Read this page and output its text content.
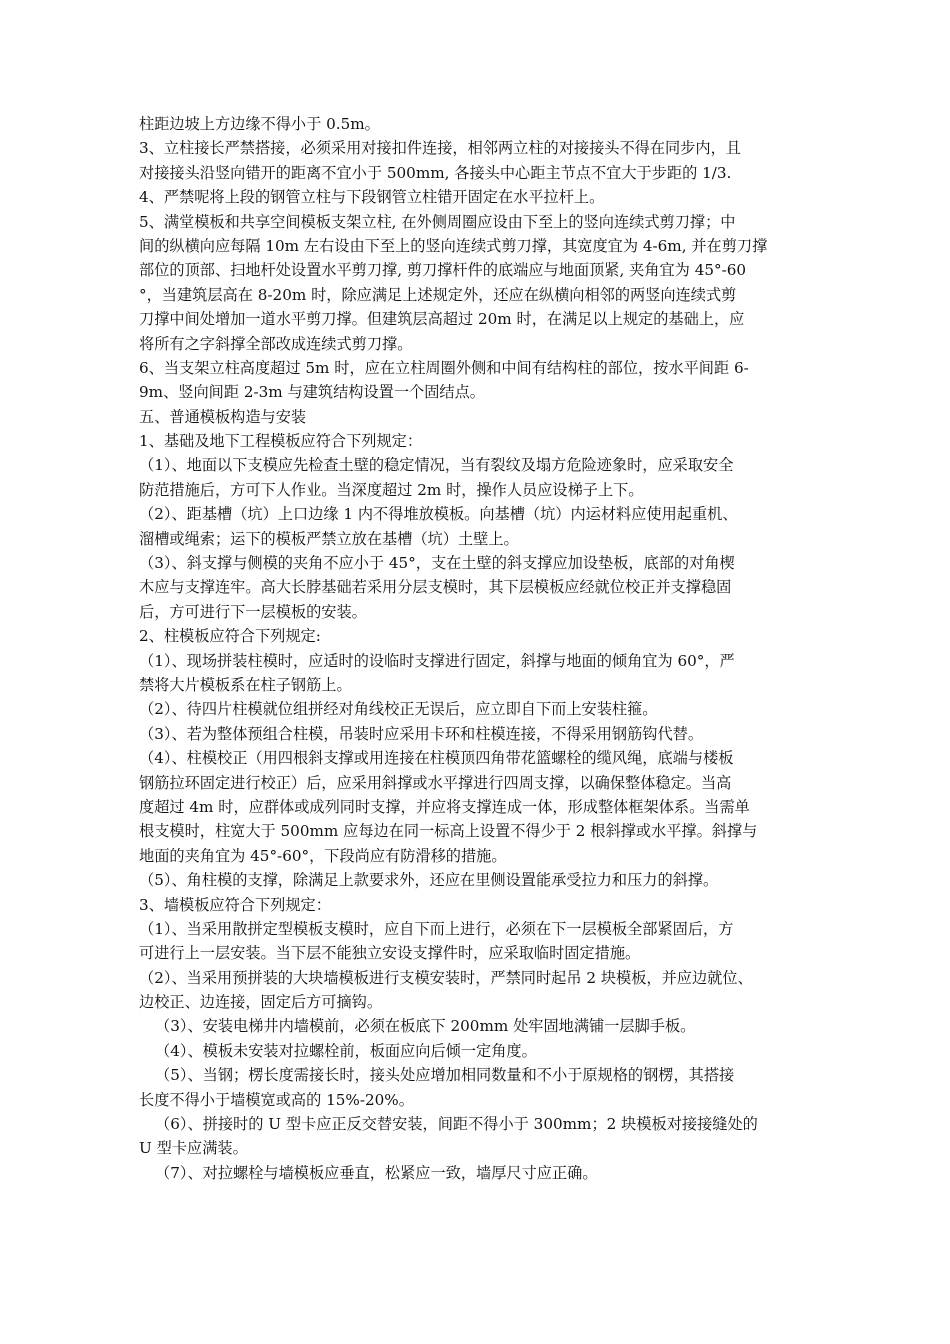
柱距边坡上方边缘不得小于 0.5m。
3、立柱接长严禁搭接，必须采用对接扣件连接，相邻两立柱的对接接头不得在同步内，且
对接接头沿竖向错开的距离不宜小于 500mm, 各接头中心距主节点不宜大于步距的 1/3.
4、严禁呢将上段的钢管立柱与下段钢管立柱错开固定在水平拉杆上。
5、满堂模板和共享空间模板支架立柱, 在外侧周圈应设由下至上的竖向连续式剪刀撑；中
间的纵横向应每隔 10m 左右设由下至上的竖向连续式剪刀撑，其宽度宜为 4-6m, 并在剪刀撑
部位的顶部、扫地杆处设置水平剪刀撑, 剪刀撑杆件的底端应与地面顶紧, 夹角宜为 45°-60
°，当建筑层高在 8-20m 时，除应满足上述规定外，还应在纵横向相邻的两竖向连续式剪
刀撑中间处增加一道水平剪刀撑。但建筑层高超过 20m 时，在满足以上规定的基础上，应
将所有之字斜撑全部改成连续式剪刀撑。
6、当支架立柱高度超过 5m 时，应在立柱周圈外侧和中间有结构柱的部位，按水平间距 6-
9m、竖向间距 2-3m 与建筑结构设置一个固结点。
五、普通模板构造与安装
1、基础及地下工程模板应符合下列规定：
（1）、地面以下支模应先检查土壁的稳定情况，当有裂纹及塌方危险迹象时，应采取安全
防范措施后，方可下人作业。当深度超过 2m 时，操作人员应设梯子上下。
（2）、距基槽（坑）上口边缘 1 内不得堆放模板。向基槽（坑）内运材料应使用起重机、
溜槽或绳索；运下的模板严禁立放在基槽（坑）土壁上。
（3）、斜支撑与侧模的夹角不应小于 45°，支在土壁的斜支撑应加设垫板，底部的对角楔
木应与支撑连牢。高大长脖基础若采用分层支模时，其下层模板应经就位校正并支撑稳固
后，方可进行下一层模板的安装。
2、柱模板应符合下列规定:
（1）、现场拼装柱模时，应适时的设临时支撑进行固定，斜撑与地面的倾角宜为 60°，严
禁将大片模板系在柱子钢筋上。
（2）、待四片柱模就位组拼经对角线校正无误后，应立即自下而上安装柱箍。
（3）、若为整体预组合柱模，吊装时应采用卡环和柱模连接，不得采用钢筋钩代替。
（4）、柱模校正（用四根斜支撑或用连接在柱模顶四角带花篮螺栓的缆风绳，底端与楼板
钢筋拉环固定进行校正）后，应采用斜撑或水平撑进行四周支撑，以确保整体稳定。当高
度超过 4m 时，应群体或成列同时支撑，并应将支撑连成一体，形成整体框架体系。当需单
根支模时，柱宽大于 500mm 应每边在同一标高上设置不得少于 2 根斜撑或水平撑。斜撑与
地面的夹角宜为 45°-60°，下段尚应有防滑移的措施。
（5）、角柱模的支撑，除满足上款要求外，还应在里侧设置能承受拉力和压力的斜撑。
3、墙模板应符合下列规定：
（1）、当采用散拼定型模板支模时，应自下而上进行，必须在下一层模板全部紧固后，方
可进行上一层安装。当下层不能独立安设支撑件时，应采取临时固定措施。
（2）、当采用预拼装的大块墙模板进行支模安装时，严禁同时起吊 2 块模板，并应边就位、
边校正、边连接，固定后方可摘钩。
（3）、安装电梯井内墙模前，必须在板底下 200mm 处牢固地满铺一层脚手板。
（4）、模板未安装对拉螺栓前，板面应向后倾一定角度。
（5）、当钢；楞长度需接长时，接头处应增加相同数量和不小于原规格的钢楞，其搭接
长度不得小于墙模宽或高的 15%-20%。
（6）、拼接时的 U 型卡应正反交替安装，间距不得小于 300mm；2 块模板对接接缝处的
U 型卡应满装。
（7）、对拉螺栓与墙模板应垂直，松紧应一致，墙厚尺寸应正确。
